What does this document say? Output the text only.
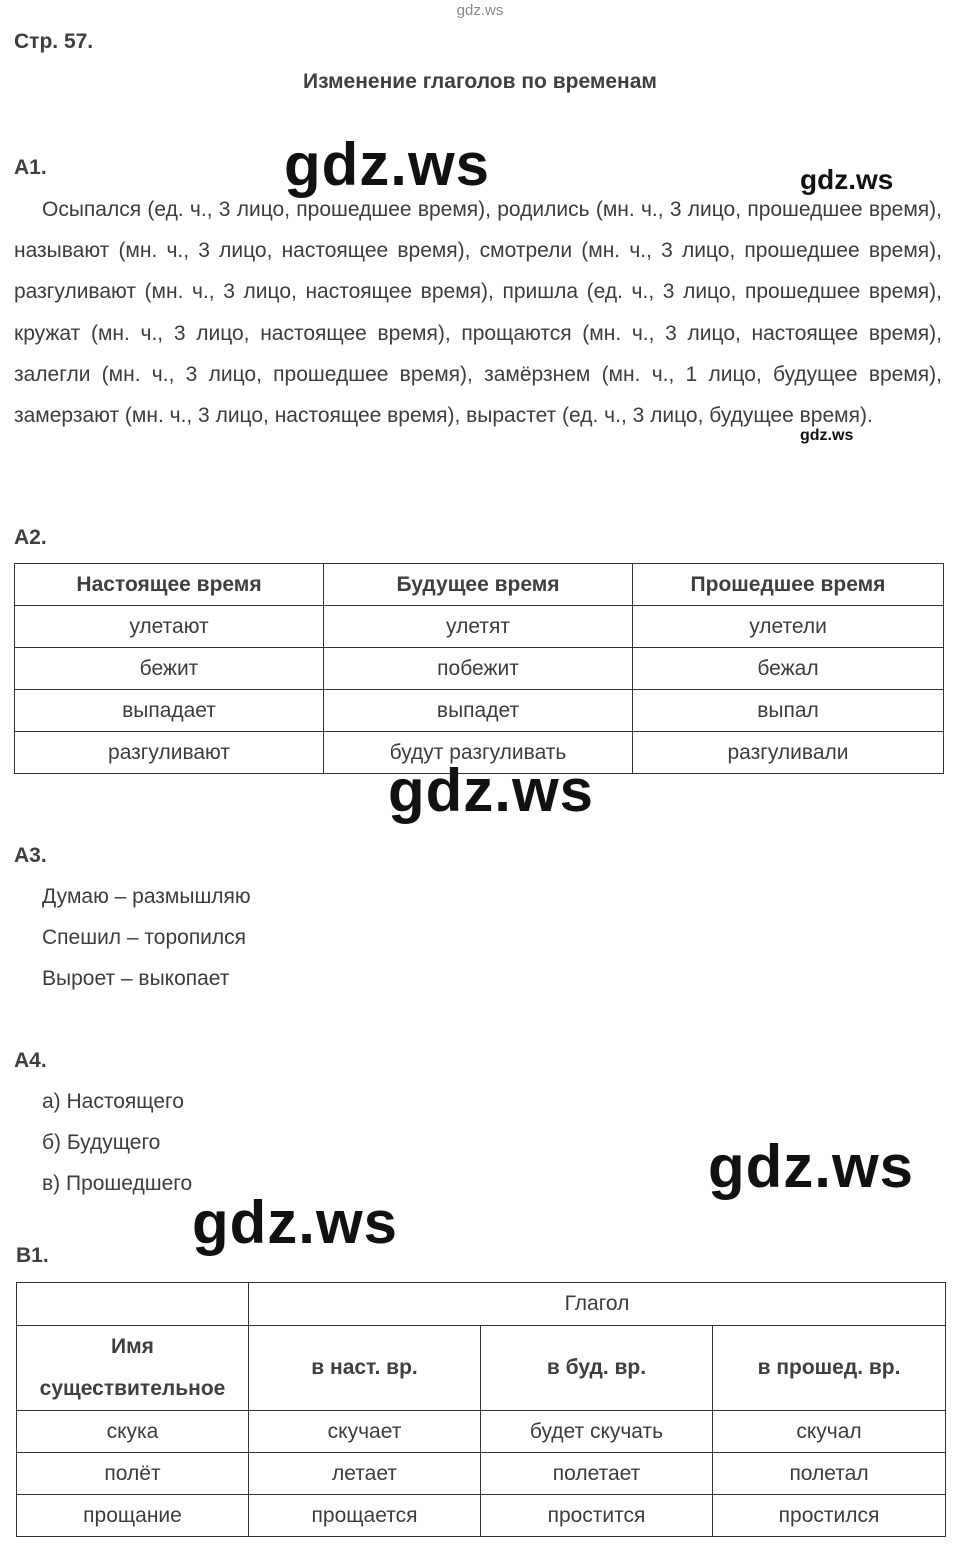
gdz.ws
Стр. 57.
Изменение глаголов по временам
А1.	gdz.ws	gdz.ws
Осыпался (ед. ч., 3 лицо, прошедшее время), родились (мн. ч., 3 лицо, прошедшее время), называют (мн. ч., 3 лицо, настоящее время), смотрели (мн. ч., 3 лицо, прошедшее время), разгуливают (мн. ч., 3 лицо, настоящее время), пришла (ед. ч., 3 лицо, прошедшее время), кружат (мн. ч., 3 лицо, настоящее время), прощаются (мн. ч., 3 лицо, настоящее время), залегли (мн. ч., 3 лицо, прошедшее время), замёрзнем (мн. ч., 1 лицо, будущее время), замерзают (мн. ч., 3 лицо, настоящее время), вырастет (ед. ч., 3 лицо, будущее время).
gdz.ws
А2.
Настоящее время	Будущее время	Прошедшее время
улетают	улетят	улетели
бежит	побежит	бежал
выпадает	выпадет	выпал
разгуливают	будут разгуливать	разгуливали
gdz.ws
А3.
Думаю – размышляю
Спешил – торопился
Выроет – выкопает
А4.
а) Настоящего
б) Будущего
в) Прошедшего	gdz.ws
gdz.ws
В1.
	Глагол		
Имя существительное	в наст. вр.	в буд. вр.	в прошед. вр.
скука	скучает	будет скучать	скучал
полёт	летает	полетает	полетал
прощание	прощается	простится	простился
